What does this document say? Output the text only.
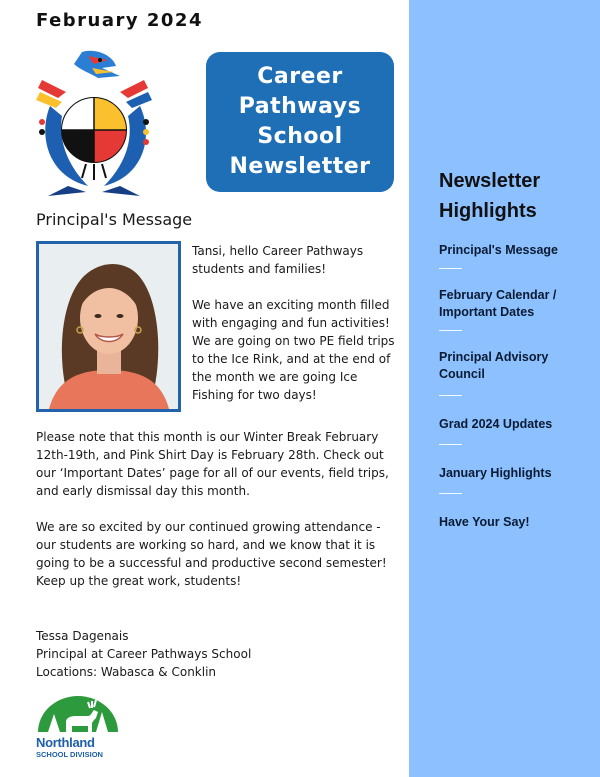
February 2024
Career
Pathways
School
Newsletter
Principal's Message

Tansi, hello Career Pathways students and families!

We have an exciting month filled with engaging and fun activities! We are going on two PE field trips to the Ice Rink, and at the end of the month we are going Ice Fishing for two days!

Please note that this month is our Winter Break February 12th-19th, and Pink Shirt Day is February 28th. Check out our ‘Important Dates’ page for all of our events, field trips, and early dismissal day this month.

We are so excited by our continued growing attendance - our students are working so hard, and we know that it is going to be a successful and productive second semester! Keep up the great work, students!

Tessa Dagenais
Principal at Career Pathways School
Locations: Wabasca & Conklin
Northland
SCHOOL DIVISION
Newsletter Highlights
Principal's Message
February Calendar / Important Dates
Principal Advisory Council
Grad 2024 Updates
January Highlights
Have Your Say!
